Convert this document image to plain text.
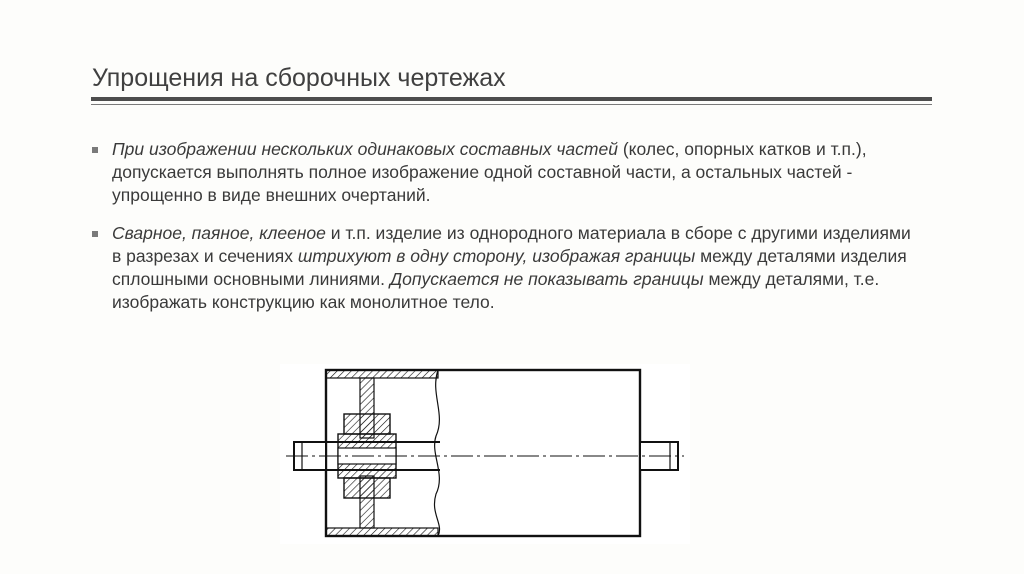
Упрощения на сборочных чертежах
При изображении нескольких одинаковых составных частей (колес, опорных катков и т.п.), допускается выполнять полное изображение одной составной части, а остальных частей - упрощенно в виде внешних очертаний.
Сварное, паяное, клееное и т.п. изделие из однородного материала в сборе с другими изделиями в разрезах и сечениях штрихуют в одну сторону, изображая границы между деталями изделия сплошными основными линиями. Допускается не показывать границы между деталями, т.е. изображать конструкцию как монолитное тело.
